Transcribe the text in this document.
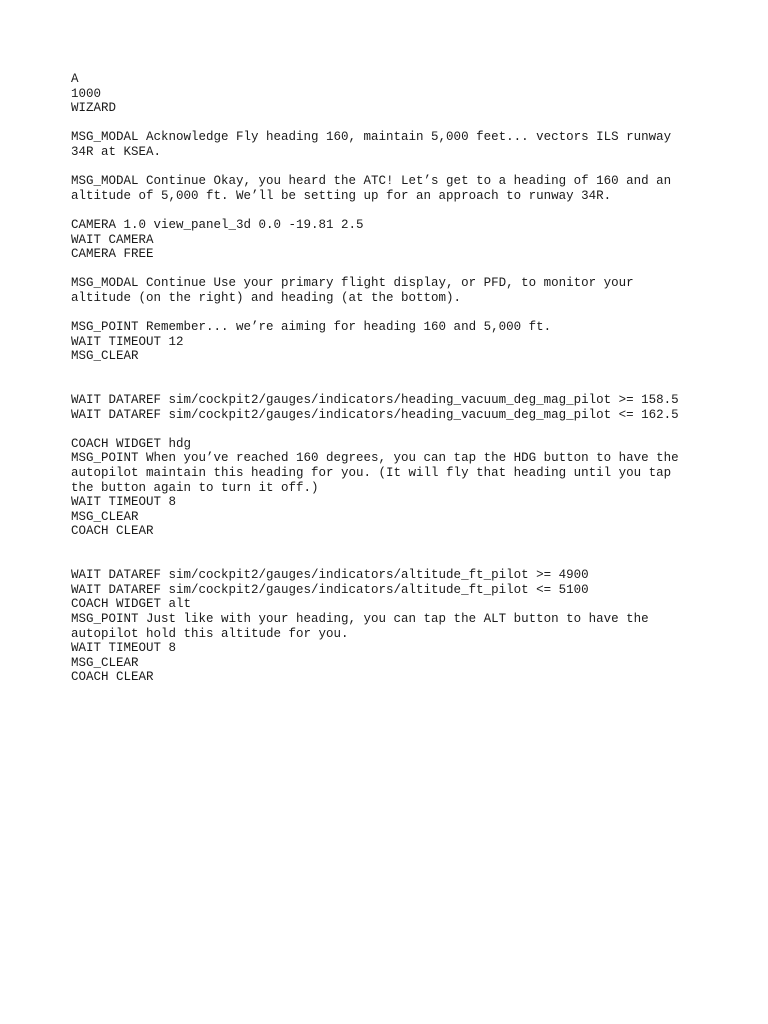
A
1000
WIZARD
MSG_MODAL Acknowledge Fly heading 160, maintain 5,000 feet... vectors ILS runway
34R at KSEA.
MSG_MODAL Continue Okay, you heard the ATC! Let’s get to a heading of 160 and an
altitude of 5,000 ft. We’ll be setting up for an approach to runway 34R.
CAMERA 1.0 view_panel_3d 0.0 -19.81 2.5
WAIT CAMERA
CAMERA FREE
MSG_MODAL Continue Use your primary flight display, or PFD, to monitor your
altitude (on the right) and heading (at the bottom).
MSG_POINT Remember... we’re aiming for heading 160 and 5,000 ft.
WAIT TIMEOUT 12
MSG_CLEAR
WAIT DATAREF sim/cockpit2/gauges/indicators/heading_vacuum_deg_mag_pilot >= 158.5
WAIT DATAREF sim/cockpit2/gauges/indicators/heading_vacuum_deg_mag_pilot <= 162.5
COACH WIDGET hdg
MSG_POINT When you’ve reached 160 degrees, you can tap the HDG button to have the
autopilot maintain this heading for you. (It will fly that heading until you tap
the button again to turn it off.)
WAIT TIMEOUT 8
MSG_CLEAR
COACH CLEAR
WAIT DATAREF sim/cockpit2/gauges/indicators/altitude_ft_pilot >= 4900
WAIT DATAREF sim/cockpit2/gauges/indicators/altitude_ft_pilot <= 5100
COACH WIDGET alt
MSG_POINT Just like with your heading, you can tap the ALT button to have the
autopilot hold this altitude for you.
WAIT TIMEOUT 8
MSG_CLEAR
COACH CLEAR
